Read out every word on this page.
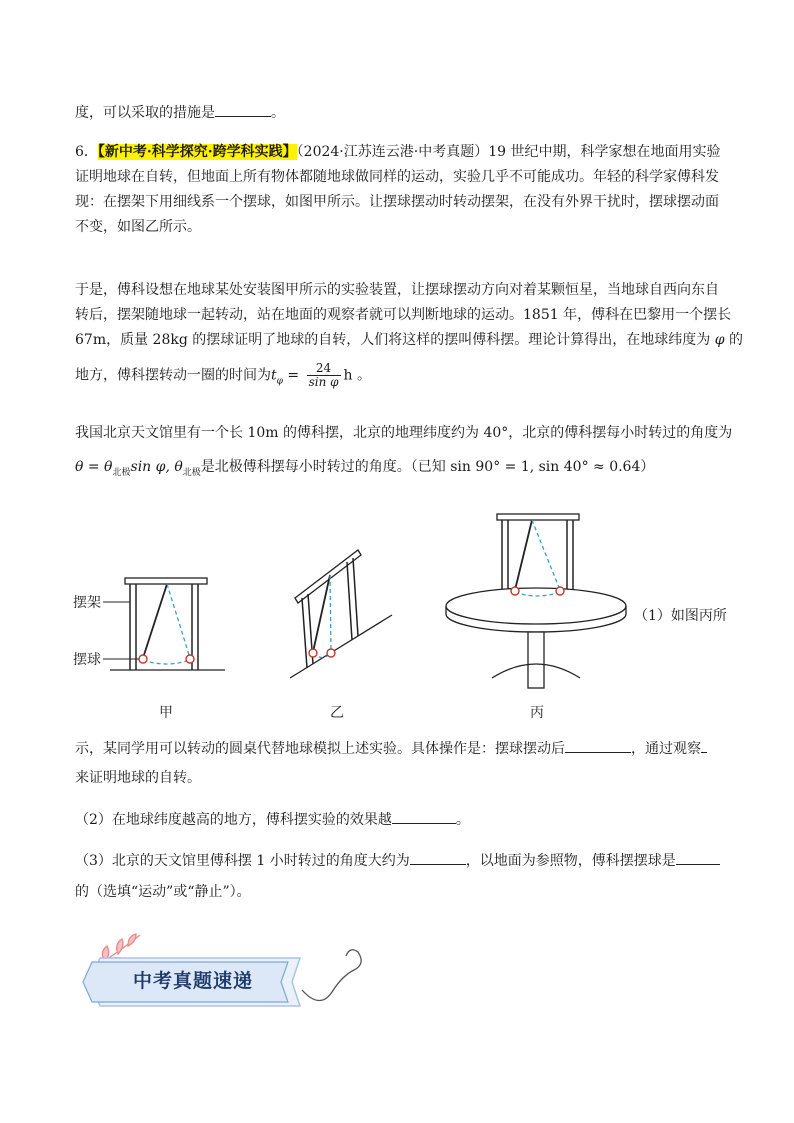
度，可以采取的措施是	。
6．【新中考·科学探究·跨学科实践】（2024·江苏连云港·中考真题）19 世纪中期，科学家想在地面用实验
证明地球在自转，但地面上所有物体都随地球做同样的运动，实验几乎不可能成功。年轻的科学家傅科发
现：在摆架下用细线系一个摆球，如图甲所示。让摆球摆动时转动摆架，在没有外界干扰时，摆球摆动面
不变，如图乙所示。
于是，傅科设想在地球某处安装图甲所示的实验装置，让摆球摆动方向对着某颗恒星，当地球自西向东自
转后，摆架随地球一起转动，站在地面的观察者就可以判断地球的运动。1851 年，傅科在巴黎用一个摆长
67m，质量 28kg 的摆球证明了地球的自转，人们将这样的摆叫傅科摆。理论计算得出，在地球纬度为 φ 的
地方，傅科摆转动一圈的时间为$t_\varphi = \frac{24}{\text{sin φ}}$ h 。
我国北京天文馆里有一个长 10m 的傅科摆，北京的地理纬度约为 40°，北京的傅科摆每小时转过的角度为
$\theta = \theta_{北极}\sin$ φ, $\theta_{北极}$是北极傅科摆每小时转过的角度。（已知 sin 90° = 1, sin 40° ≈ 0.64）
摆架
摆球
甲	乙	丙
（1）如图丙所
示，某同学用可以转动的圆桌代替地球模拟上述实验。具体操作是：摆球摆动后	，通过观察
来证明地球的自转。
（2）在地球纬度越高的地方，傅科摆实验的效果越	。
（3）北京的天文馆里傅科摆 1 小时转过的角度大约为	，以地面为参照物，傅科摆摆球是
的（选填“运动”或“静止”）。
中考真题速递
